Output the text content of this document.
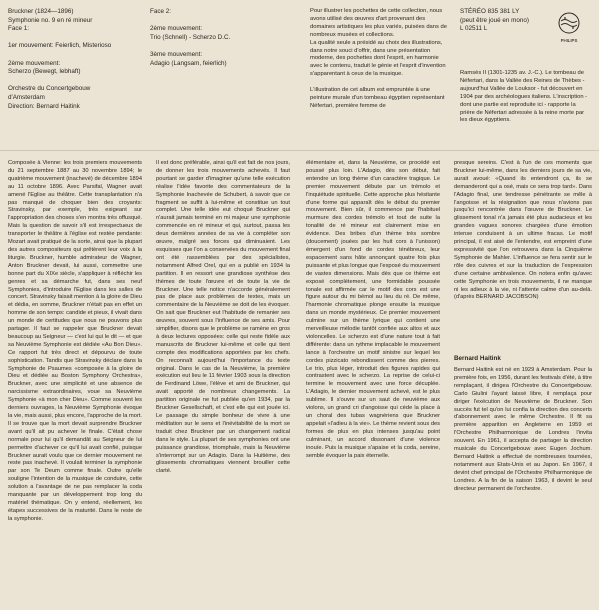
Bruckner (1824—1896)
Symphonie no. 9 en ré mineur
Face 1:

1er mouvement: Feierlich, Misterioso

2ème mouvement:
Scherzo (Bewegt, lebhaft)

Orchestre du Concertgebouw
d'Amsterdam
Direction: Bernard Haitink
Face 2:

2ème mouvement:
Trio (Schnell) - Scherzo D.C.

3ème mouvement:
Adagio (Langsam, feierlich)
Pour illustrer les pochettes de cette collection, nous avons utilisé des œuvres d'art provenant des domaines artistiques les plus variés, puisées dans de nombreux musées et collections.
La qualité seule a présidé au choix des illustrations, dans notre souci d'offrir, dans une présentation moderne, des pochettes dont l'esprit, en harmonie avec le contenu, traduit le génie et l'esprit d'invention s'apparentant à ceux de la musique.

L'illustration de cet album est empruntée à une peinture murale d'un tombeau égyptien représentant Néfertari, première femme de
STÉRÉO 835 381 LY
(peut être joué en mono)
L 02511 L
PHILIPS
Ramsès II (1301-1235 av. J.-C.). Le tombeau de Néfertari, dans la Vallée des Reines de Thèbes - aujourd'hui Vallée de Louksor - fut découvert en 1904 par des archéologues italiens. L'inscription - dont une partie est reproduite ici - rapporte la prière de Néfertari adressée à la reine morte par les dieux égyptiens.
Composée à Vienne: les trois premiers mouvements du 21 septembre 1887 au 30 novembre 1894; le quatrième mouvement (inachevé) de décembre 1894 au 11 octobre 1896. Avec Parsifal, Wagner avait amené l'Eglise au théâtre. Cette transplantation n'a pas manqué de choquer bien des croyants: Stravinsky, par exemple, très exigeant sur l'appropriation des choses s'en montra très offusqué. Mais la question de savoir s'il est irrespectueux de transporter le théâtre à l'église est restée pendante: Mozart avait pratiqué de la sorte, ainsi que la plupart des autres compositeurs qui prêtèrent leur voix à la liturgie. Bruckner, humble admirateur de Wagner, Anton Bruckner devait, lui aussi, commettre une bonne part du XIXe siècle, s'appliquer à réfléchir les genres et sa démarche fut, dans ses neuf Symphonies, d'introduire l'Eglise dans les salles de concert. Stravinsky faisait mention à la gloire de Dieu et dédia, en somme, Bruckner n'était pas en effet un homme de son temps: candide et pieux, il vivait dans un monde de certitudes que nous ne pouvons plus partager. Il faut se rappeler que Bruckner devait beaucoup au Seigneur — c'est lui qui le dit — et que sa Neuvième Symphonie est dédiée «Au Bon Dieu». Ce rapport fut très direct et dépourvu de toute sophistication. Tandis que Stravinsky déclare dans la Symphonie de Psaumes «composée à la gloire de Dieu et dédiée au Boston Symphony Orchestra», Bruckner, avec une simplicité et une absence de narcissisme extraordinaires, voue sa Neuvième Symphonie «à mon cher Dieu». Comme souvent les derniers ouvrages, la Neuvième Symphonie évoque la vie, mais aussi, plus encore, l'approche de la mort. Il se trouve que la mort devait surprendre Bruckner avant qu'il ait pu achever le finale. C'était chose normale pour lui qu'il demandât au Seigneur de lui permettre d'achever ce qu'il lui avait confié, puisque Bruckner aurait voulu que ce dernier mouvement ne reste pas inachevé. Il voulait terminer la symphonie par son Te Deum comme finale. Outre qu'elle souligne l'intention de la musique de conduire, cette solution a l'avantage de ne pas remplacer la coda manquante par un développement trop long du matériel thématique. On y entend, réellement, les étapes successives de la maturité. Dans le reste de la symphonie.
Il est donc préférable, ainsi qu'il est fait de nos jours, de donner les trois mouvements achevés. Il faut pourtant se garder d'imaginer qu'une telle exécution réalise l'idée favorite des commentateurs de la Symphonie Inachevée de Schubert, à savoir que ce fragment se suffit à lui-même et constitue un tout complet. Une telle idée eut choqué Bruckner qui n'aurait jamais terminé en mi majeur une symphonie commencée en ré mineur et qui, surtout, passa les deux dernières années de sa vie à compléter son œuvre, malgré ses forces qui diminuaient. Les esquisses que l'on a conservées du mouvement final ont été rassemblées par des spécialistes, notamment Alfred Orel, qui en a publié en 1934 la partition. Il en ressort une grandiose synthèse des thèmes de toute l'œuvre et de toute la vie de Bruckner. Une telle notice n'accorde généralement pas de place aux problèmes de textes, mais un commentaire de la Neuvième se doit de les évoquer. On sait que Bruckner eut l'habitude de remanier ses œuvres, souvent sous l'influence de ses amis. Pour simplifier, disons que le problème se ramène en gros à deux lectures opposées: celle qui reste fidèle aux manuscrits de Bruckner lui-même et celle qui tient compte des modifications apportées par les chefs. On reconnaît aujourd'hui l'importance du texte original. Dans le cas de la Neuvième, la première exécution eut lieu le 11 février 1903 sous la direction de Ferdinand Löwe, l'élève et ami de Bruckner, qui avait apporté de nombreux changements. La partition originale ne fut publiée qu'en 1934, par la Bruckner Gesellschaft, et c'est elle qui est jouée ici. Le passage du simple bonheur de vivre à une méditation sur le sens et l'inévitabilité de la mort se traduit chez Bruckner par un changement radical dans le style. La plupart de ses symphonies ont une puissance grandiose, triomphale, mais la Neuvième s'interrompt sur un Adagio. Dans la Huitième, des glissements chromatiques viennent brouiller cette clarté.
élémentaire et, dans la Neuvième, ce procédé est poussé plus loin. L'Adagio, dès son début, fait entendre un long thème d'un caractère tragique. Le premier mouvement débute par un trémolo et l'inquiétude spirituelle. Cette approche plus hésitante d'une forme qui apparaît dès le début du premier mouvement. Bien sûr, il commence par l'habituel murmure des cordes trémolo et tout de suite la tonalité de ré mineur est clairement mise en évidence. Des bribes d'un thème très sombre (doucement) jouées par les huit cors à l'unisson) émergent d'un fond de cordes ténébreux, leur espacement sans hâte annonçant quatre fois plus puissante et plus longue que l'exposé du mouvement de vastes dimensions. Mais dès que ce thème est exposé complètement, une formidable poussée tonale est affirmée car le motif des cors est une figure autour du mi bémol au lieu du ré. De même, l'harmonie chromatique plonge ensuite la musique dans un monde mystérieux. Ce premier mouvement culmine sur un thème lyrique qui contient une merveilleuse mélodie tantôt confiée aux altos et aux violoncelles. Le scherzo est d'une nature tout à fait différente: dans un rythme implacable le mouvement lance à l'orchestre un motif sinistre sur lequel les cordes pizzicato rebondissent comme des pierres. Le trio, plus léger, introduit des figures rapides qui contrastent avec le scherzo. La reprise de celui-ci termine le mouvement avec une force décuplée. L'Adagio, le dernier mouvement achevé, est le plus sublime. Il s'ouvre sur un saut de neuvième aux violons, un grand cri d'angoisse qui cède la place à un choral des tubas wagnériens que Bruckner appelait «l'adieu à la vie». Le thème revient sous des formes de plus en plus intenses jusqu'au point culminant, un accord dissonant d'une violence inouïe. Puis la musique s'apaise et la coda, sereine, semble évoquer la paix éternelle.
presque sereins. C'est à l'un de ces moments que Bruckner lui-même, dans les derniers jours de sa vie, aurait avoué: «Quand ils entendront ça, ils se demanderont qui a osé, mais ce sera trop tard». Dans l'Adagio final, une tendresse pénétrante se mêle à l'angoisse et la résignation que nous n'avions pas jusqu'ici rencontrée dans l'œuvre de Bruckner. Le glissement tonal n'a jamais été plus audacieux et les grandes vagues sonores chargées d'une émotion intense conduisent à un ultime fracas. Le motif principal, il est aisé de l'entendre, est empreint d'une expressivité que l'on retrouvera dans la Cinquième Symphonie de Mahler. L'influence se fera sentir sur le rôle des cuivres et sur la traduction de l'expression d'une certaine ambivalence. On notera enfin qu'avec cette Symphonie en trois mouvements, il ne manque ni les adieux à la vie, ni l'attente calme d'un au-delà. (d'après BERNARD JACOBSON)
Bernard Haitink
Bernard Haitink est né en 1929 à Amsterdam. Pour la première fois, en 1956, durant les festivals d'été, à titre remplaçant, il dirigea l'Orchestre du Concertgebouw. Carlo Giulini l'ayant laissé libre, il remplaça pour diriger l'exécution de Neuvième de Bruckner. Son succès fut tel qu'on lui confia la direction des concerts d'abonnement avec le même Orchestre. Il fit sa première apparition en Angleterre en 1959 et l'Orchestre Philharmonique de Londres l'invita souvent. En 1961, il accepta de partager la direction musicale du Concertgebouw avec Eugen Jochum. Bernard Haitink a effectué de nombreuses tournées, notamment aux Etats-Unis et au Japon. En 1967, il devint chef principal de l'Orchestre Philharmonique de Londres. A la fin de la saison 1963, il devint le seul directeur permanent de l'orchestre.
